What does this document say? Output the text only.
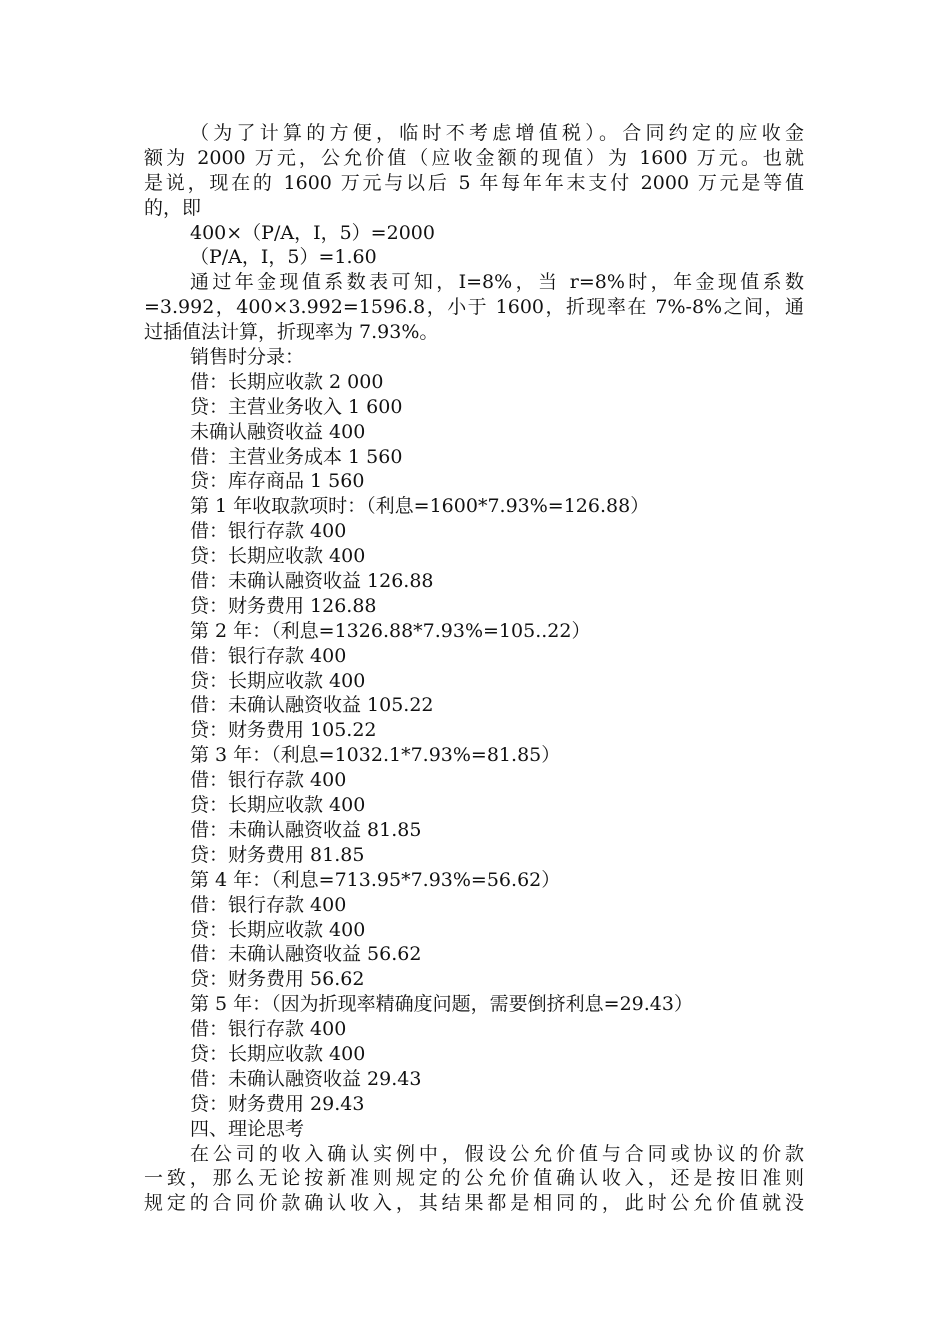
（为了计算的方便，临时不考虑增值税）。合同约定的应收金
额为 2000 万元，公允价值（应收金额的现值）为 1600 万元。也就
是说，现在的 1600 万元与以后 5 年每年年末支付 2000 万元是等值
的，即
400×（P/A，I，5）=2000
（P/A，I，5）=1.60
通过年金现值系数表可知，I=8%，当 r=8%时，年金现值系数
=3.992，400×3.992=1596.8，小于 1600，折现率在 7%-8%之间，通
过插值法计算，折现率为 7.93%。
销售时分录：
借：长期应收款 2 000
贷：主营业务收入 1 600
未确认融资收益 400
借：主营业务成本 1 560
贷：库存商品 1 560
第 1 年收取款项时：（利息=1600*7.93%=126.88）
借：银行存款 400
贷：长期应收款 400
借：未确认融资收益 126.88
贷：财务费用 126.88
第 2 年：（利息=1326.88*7.93%=105..22）
借：银行存款 400
贷：长期应收款 400
借：未确认融资收益 105.22
贷：财务费用 105.22
第 3 年：（利息=1032.1*7.93%=81.85）
借：银行存款 400
贷：长期应收款 400
借：未确认融资收益 81.85
贷：财务费用 81.85
第 4 年：（利息=713.95*7.93%=56.62）
借：银行存款 400
贷：长期应收款 400
借：未确认融资收益 56.62
贷：财务费用 56.62
第 5 年：（因为折现率精确度问题，需要倒挤利息=29.43）
借：银行存款 400
贷：长期应收款 400
借：未确认融资收益 29.43
贷：财务费用 29.43
四、理论思考
在公司的收入确认实例中，假设公允价值与合同或协议的价款
一致，那么无论按新准则规定的公允价值确认收入，还是按旧准则
规定的合同价款确认收入，其结果都是相同的，此时公允价值就没
